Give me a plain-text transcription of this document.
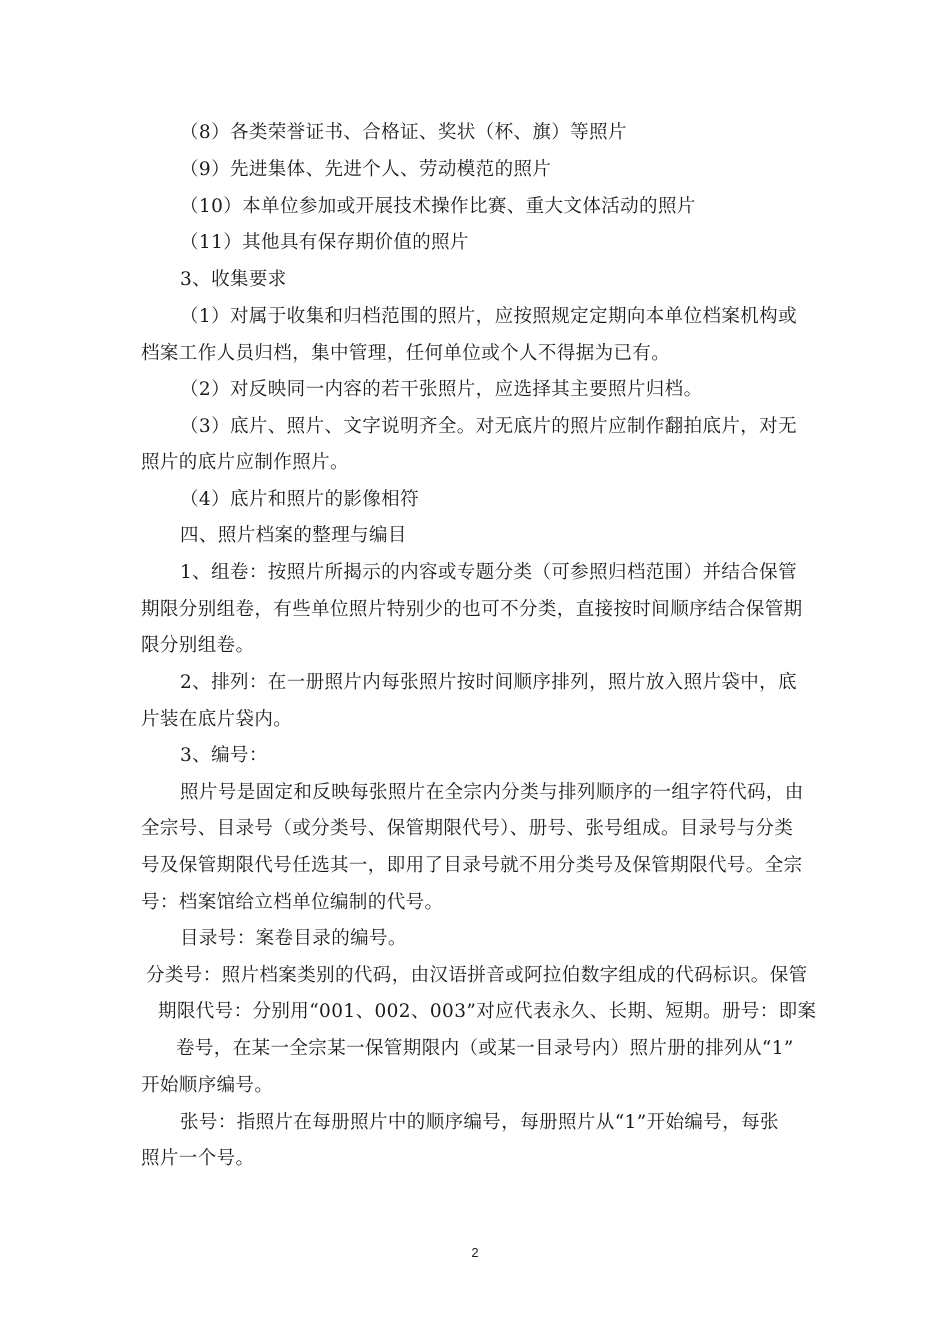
（8）各类荣誉证书、合格证、奖状（杯、旗）等照片
（9）先进集体、先进个人、劳动模范的照片
（10）本单位参加或开展技术操作比赛、重大文体活动的照片
（11）其他具有保存期价值的照片
3、收集要求
（1）对属于收集和归档范围的照片，应按照规定定期向本单位档案机构或
档案工作人员归档，集中管理，任何单位或个人不得据为已有。
（2）对反映同一内容的若干张照片，应选择其主要照片归档。
（3）底片、照片、文字说明齐全。对无底片的照片应制作翻拍底片，对无
照片的底片应制作照片。
（4）底片和照片的影像相符
四、照片档案的整理与编目
1、组卷：按照片所揭示的内容或专题分类（可参照归档范围）并结合保管
期限分别组卷，有些单位照片特别少的也可不分类，直接按时间顺序结合保管期
限分别组卷。
2、排列：在一册照片内每张照片按时间顺序排列，照片放入照片袋中，底
片装在底片袋内。
3、编号：
照片号是固定和反映每张照片在全宗内分类与排列顺序的一组字符代码，由
全宗号、目录号（或分类号、保管期限代号）、册号、张号组成。目录号与分类
号及保管期限代号任选其一，即用了目录号就不用分类号及保管期限代号。全宗
号：档案馆给立档单位编制的代号。
目录号：案卷目录的编号。
分类号：照片档案类别的代码，由汉语拼音或阿拉伯数字组成的代码标识。保管
期限代号：分别用“001、002、003”对应代表永久、长期、短期。册号：即案
卷号，在某一全宗某一保管期限内（或某一目录号内）照片册的排列从“1”
开始顺序编号。
张号：指照片在每册照片中的顺序编号，每册照片从“1”开始编号，每张
照片一个号。
2
